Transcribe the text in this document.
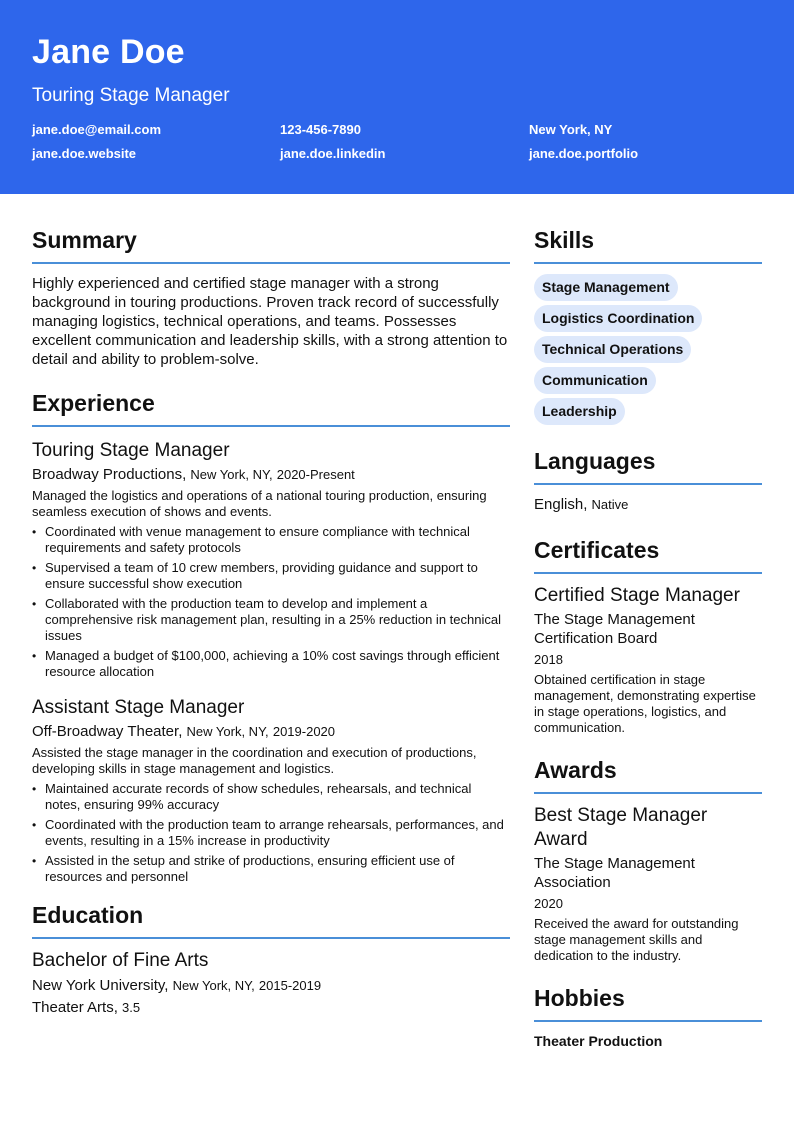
Jane Doe
Touring Stage Manager
jane.doe@email.com	123-456-7890	New York, NY
jane.doe.website	jane.doe.linkedin	jane.doe.portfolio
Summary
Highly experienced and certified stage manager with a strong background in touring productions. Proven track record of successfully managing logistics, technical operations, and teams. Possesses excellent communication and leadership skills, with a strong attention to detail and ability to problem-solve.
Experience
Touring Stage Manager
Broadway Productions, New York, NY, 2020-Present
Managed the logistics and operations of a national touring production, ensuring seamless execution of shows and events.
• Coordinated with venue management to ensure compliance with technical requirements and safety protocols
• Supervised a team of 10 crew members, providing guidance and support to ensure successful show execution
• Collaborated with the production team to develop and implement a comprehensive risk management plan, resulting in a 25% reduction in technical issues
• Managed a budget of $100,000, achieving a 10% cost savings through efficient resource allocation
Assistant Stage Manager
Off-Broadway Theater, New York, NY, 2019-2020
Assisted the stage manager in the coordination and execution of productions, developing skills in stage management and logistics.
• Maintained accurate records of show schedules, rehearsals, and technical notes, ensuring 99% accuracy
• Coordinated with the production team to arrange rehearsals, performances, and events, resulting in a 15% increase in productivity
• Assisted in the setup and strike of productions, ensuring efficient use of resources and personnel
Education
Bachelor of Fine Arts
New York University, New York, NY, 2015-2019
Theater Arts, 3.5
Skills
Stage Management
Logistics Coordination
Technical Operations
Communication
Leadership
Languages
English, Native
Certificates
Certified Stage Manager
The Stage Management Certification Board
2018
Obtained certification in stage management, demonstrating expertise in stage operations, logistics, and communication.
Awards
Best Stage Manager Award
The Stage Management Association
2020
Received the award for outstanding stage management skills and dedication to the industry.
Hobbies
Theater Production
